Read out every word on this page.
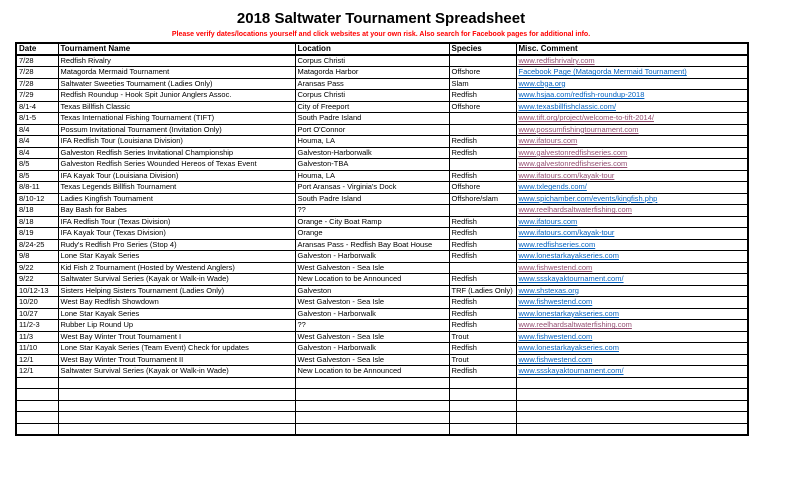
2018 Saltwater Tournament Spreadsheet
Please verify dates/locations yourself and click websites at your own risk. Also search for Facebook pages for additional info.
Date	Tournament Name	Location	Species	Misc. Comment
7/28	Redfish Rivalry	Corpus Christi		www.redfishrivalry.com
7/28	Matagorda Mermaid Tournament	Matagorda Harbor	Offshore	Facebook Page (Matagorda Mermaid Tournament)
7/28	Saltwater Sweeties Tournament (Ladies Only)	Aransas Pass	Slam	www.cbga.org
7/29	Redfish Roundup - Hook Spit Junior Anglers Assoc.	Corpus Christi	Redfish	www.hsjaa.com/redfish-roundup-2018
8/1-4	Texas Billfish Classic	City of Freeport	Offshore	www.texasbillfishclassic.com/
8/1-5	Texas International Fishing Tournament (TIFT)	South Padre Island		www.tift.org/project/welcome-to-tift-2014/
8/4	Possum Invitational Tournament (Invitation Only)	Port O'Connor		www.possumfishingtournament.com
8/4	IFA Redfish Tour (Louisiana Division)	Houma, LA	Redfish	www.ifatours.com
8/4	Galveston Redfish Series Invitational Championship	Galveston-Harborwalk	Redfish	www.galvestonredfishseries.com
8/5	Galveston Redfish Series Wounded Hereos of Texas Event	Galveston-TBA		www.galvestonredfishseries.com
8/5	IFA Kayak Tour (Louisiana Division)	Houma, LA	Redfish	www.ifatours.com/kayak-tour
8/8-11	Texas Legends Billfish Tournament	Port Aransas - Virginia's Dock	Offshore	www.txlegends.com/
8/10-12	Ladies Kingfish Tournament	South Padre Island	Offshore/slam	www.spichamber.com/events/kingfish.php
8/18	Bay Bash for Babes	??		www.reelhardsaltwaterfishing.com
8/18	IFA Redfish Tour (Texas Division)	Orange - City Boat Ramp	Redfish	www.ifatours.com
8/19	IFA Kayak Tour (Texas Division)	Orange	Redfish	www.ifatours.com/kayak-tour
8/24-25	Rudy's Redfish Pro Series (Stop 4)	Aransas Pass - Redfish Bay Boat House	Redfish	www.redfishseries.com
9/8	Lone Star Kayak Series	Galveston - Harborwalk	Redfish	www.lonestarkayakseries.com
9/22	Kid Fish 2 Tournament (Hosted by Westend Anglers)	West Galveston - Sea Isle		www.fishwestend.com
9/22	Saltwater Survival Series (Kayak or Walk-in Wade)	New Location to be Announced	Redfish	www.ssskayaktournament.com/
10/12-13	Sisters Helping Sisters Tournament (Ladies Only)	Galveston	TRF (Ladies Only)	www.shstexas.org
10/20	West Bay Redfish Showdown	West Galveston - Sea Isle	Redfish	www.fishwestend.com
10/27	Lone Star Kayak Series	Galveston - Harborwalk	Redfish	www.lonestarkayakseries.com
11/2-3	Rubber Lip Round Up	??	Redfish	www.reelhardsaltwaterfishing.com
11/3	West Bay Winter Trout Tournament I	West Galveston - Sea Isle	Trout	www.fishwestend.com
11/10	Lone Star Kayak Series (Team Event) Check for updates	Galveston - Harborwalk	Redfish	www.lonestarkayakseries.com
12/1	West Bay Winter Trout Tournament II	West Galveston - Sea Isle	Trout	www.fishwestend.com
12/1	Saltwater Survival Series (Kayak or Walk-in Wade)	New Location to be Announced	Redfish	www.ssskayaktournament.com/
